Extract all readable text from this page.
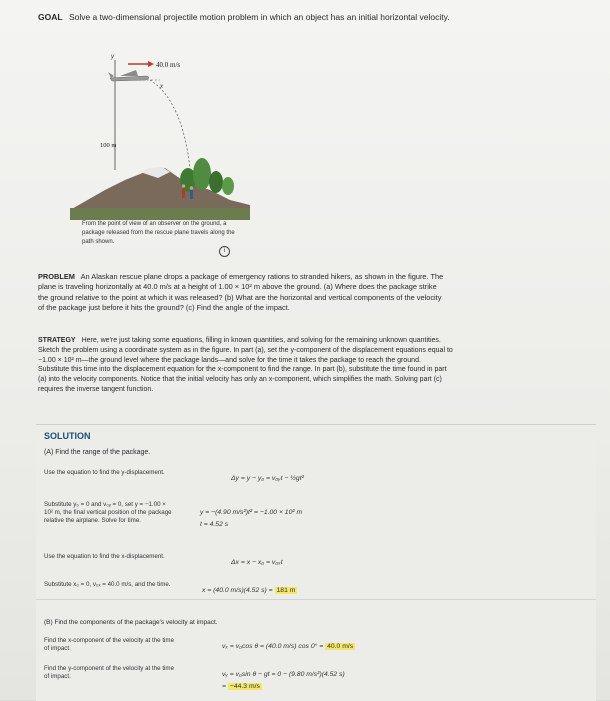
GOAL Solve a two-dimensional projectile motion problem in which an object has an initial horizontal velocity.
y
x
40.0 m/s
100 m
From the point of view of an observer on the ground, a package released from the rescue plane travels along the path shown.
i
PROBLEM An Alaskan rescue plane drops a package of emergency rations to stranded hikers, as shown in the figure. The plane is traveling horizontally at 40.0 m/s at a height of 1.00 × 10² m above the ground. (a) Where does the package strike the ground relative to the point at which it was released? (b) What are the horizontal and vertical components of the velocity of the package just before it hits the ground? (c) Find the angle of the impact.
STRATEGY Here, we're just taking some equations, filling in known quantities, and solving for the remaining unknown quantities. Sketch the problem using a coordinate system as in the figure. In part (a), set the y-component of the displacement equations equal to −1.00 × 10² m—the ground level where the package lands—and solve for the time it takes the package to reach the ground. Substitute this time into the displacement equation for the x-component to find the range. In part (b), substitute the time found in part (a) into the velocity components. Notice that the initial velocity has only an x-component, which simplifies the math. Solving part (c) requires the inverse tangent function.
SOLUTION
(A) Find the range of the package.
Use the equation to find the y-displacement.
Δy = y − y₀ = v₀ᵧt − ½gt²
Substitute y₀ = 0 and v₀ᵧ = 0, set y = −1.00 × 10² m, the final vertical position of the package relative the airplane. Solve for time.
y = −(4.90 m/s²)t² = −1.00 × 10² m
t = 4.52 s
Use the equation to find the x-displacement.
Δx = x − x₀ = v₀ₓt
Substitute x₀ = 0, v₀ₓ = 40.0 m/s, and the time.
x = (40.0 m/s)(4.52 s) = 181 m
(B) Find the components of the package's velocity at impact.
Find the x-component of the velocity at the time of impact.	vₓ = v₀cos θ = (40.0 m/s) cos 0° = 40.0 m/s
Find the y-component of the velocity at the time of impact.	vᵧ = v₀sin θ − gt = 0 − (9.80 m/s²)(4.52 s)
= −44.3 m/s
